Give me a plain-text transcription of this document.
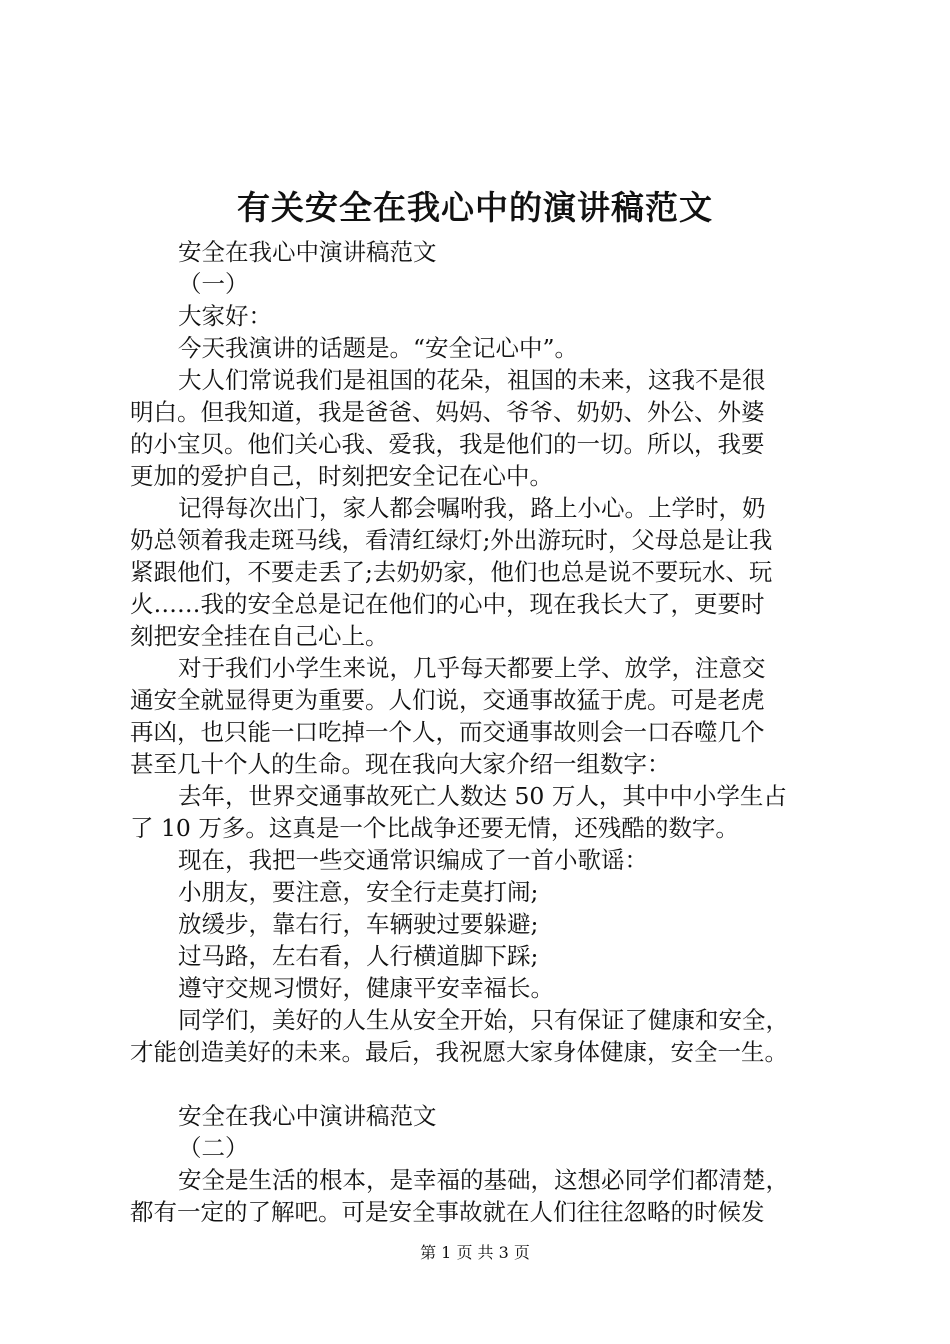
有关安全在我心中的演讲稿范文
安全在我心中演讲稿范文
（一）
大家好：
今天我演讲的话题是。“安全记心中”。
大人们常说我们是祖国的花朵，祖国的未来，这我不是很
明白。但我知道，我是爸爸、妈妈、爷爷、奶奶、外公、外婆
的小宝贝。他们关心我、爱我，我是他们的一切。所以，我要
更加的爱护自己，时刻把安全记在心中。
记得每次出门，家人都会嘱咐我，路上小心。上学时，奶
奶总领着我走斑马线，看清红绿灯;外出游玩时，父母总是让我
紧跟他们，不要走丢了;去奶奶家，他们也总是说不要玩水、玩
火……我的安全总是记在他们的心中，现在我长大了，更要时
刻把安全挂在自己心上。
对于我们小学生来说，几乎每天都要上学、放学，注意交
通安全就显得更为重要。人们说，交通事故猛于虎。可是老虎
再凶，也只能一口吃掉一个人，而交通事故则会一口吞噬几个
甚至几十个人的生命。现在我向大家介绍一组数字：
去年，世界交通事故死亡人数达 50 万人，其中中小学生占
了 10 万多。这真是一个比战争还要无情，还残酷的数字。
现在，我把一些交通常识编成了一首小歌谣：
小朋友，要注意，安全行走莫打闹;
放缓步，靠右行，车辆驶过要躲避;
过马路，左右看，人行横道脚下踩;
遵守交规习惯好，健康平安幸福长。
同学们，美好的人生从安全开始，只有保证了健康和安全，
才能创造美好的未来。最后，我祝愿大家身体健康，安全一生。
安全在我心中演讲稿范文
（二）
安全是生活的根本，是幸福的基础，这想必同学们都清楚，
都有一定的了解吧。可是安全事故就在人们往往忽略的时候发
第 1 页 共 3 页
